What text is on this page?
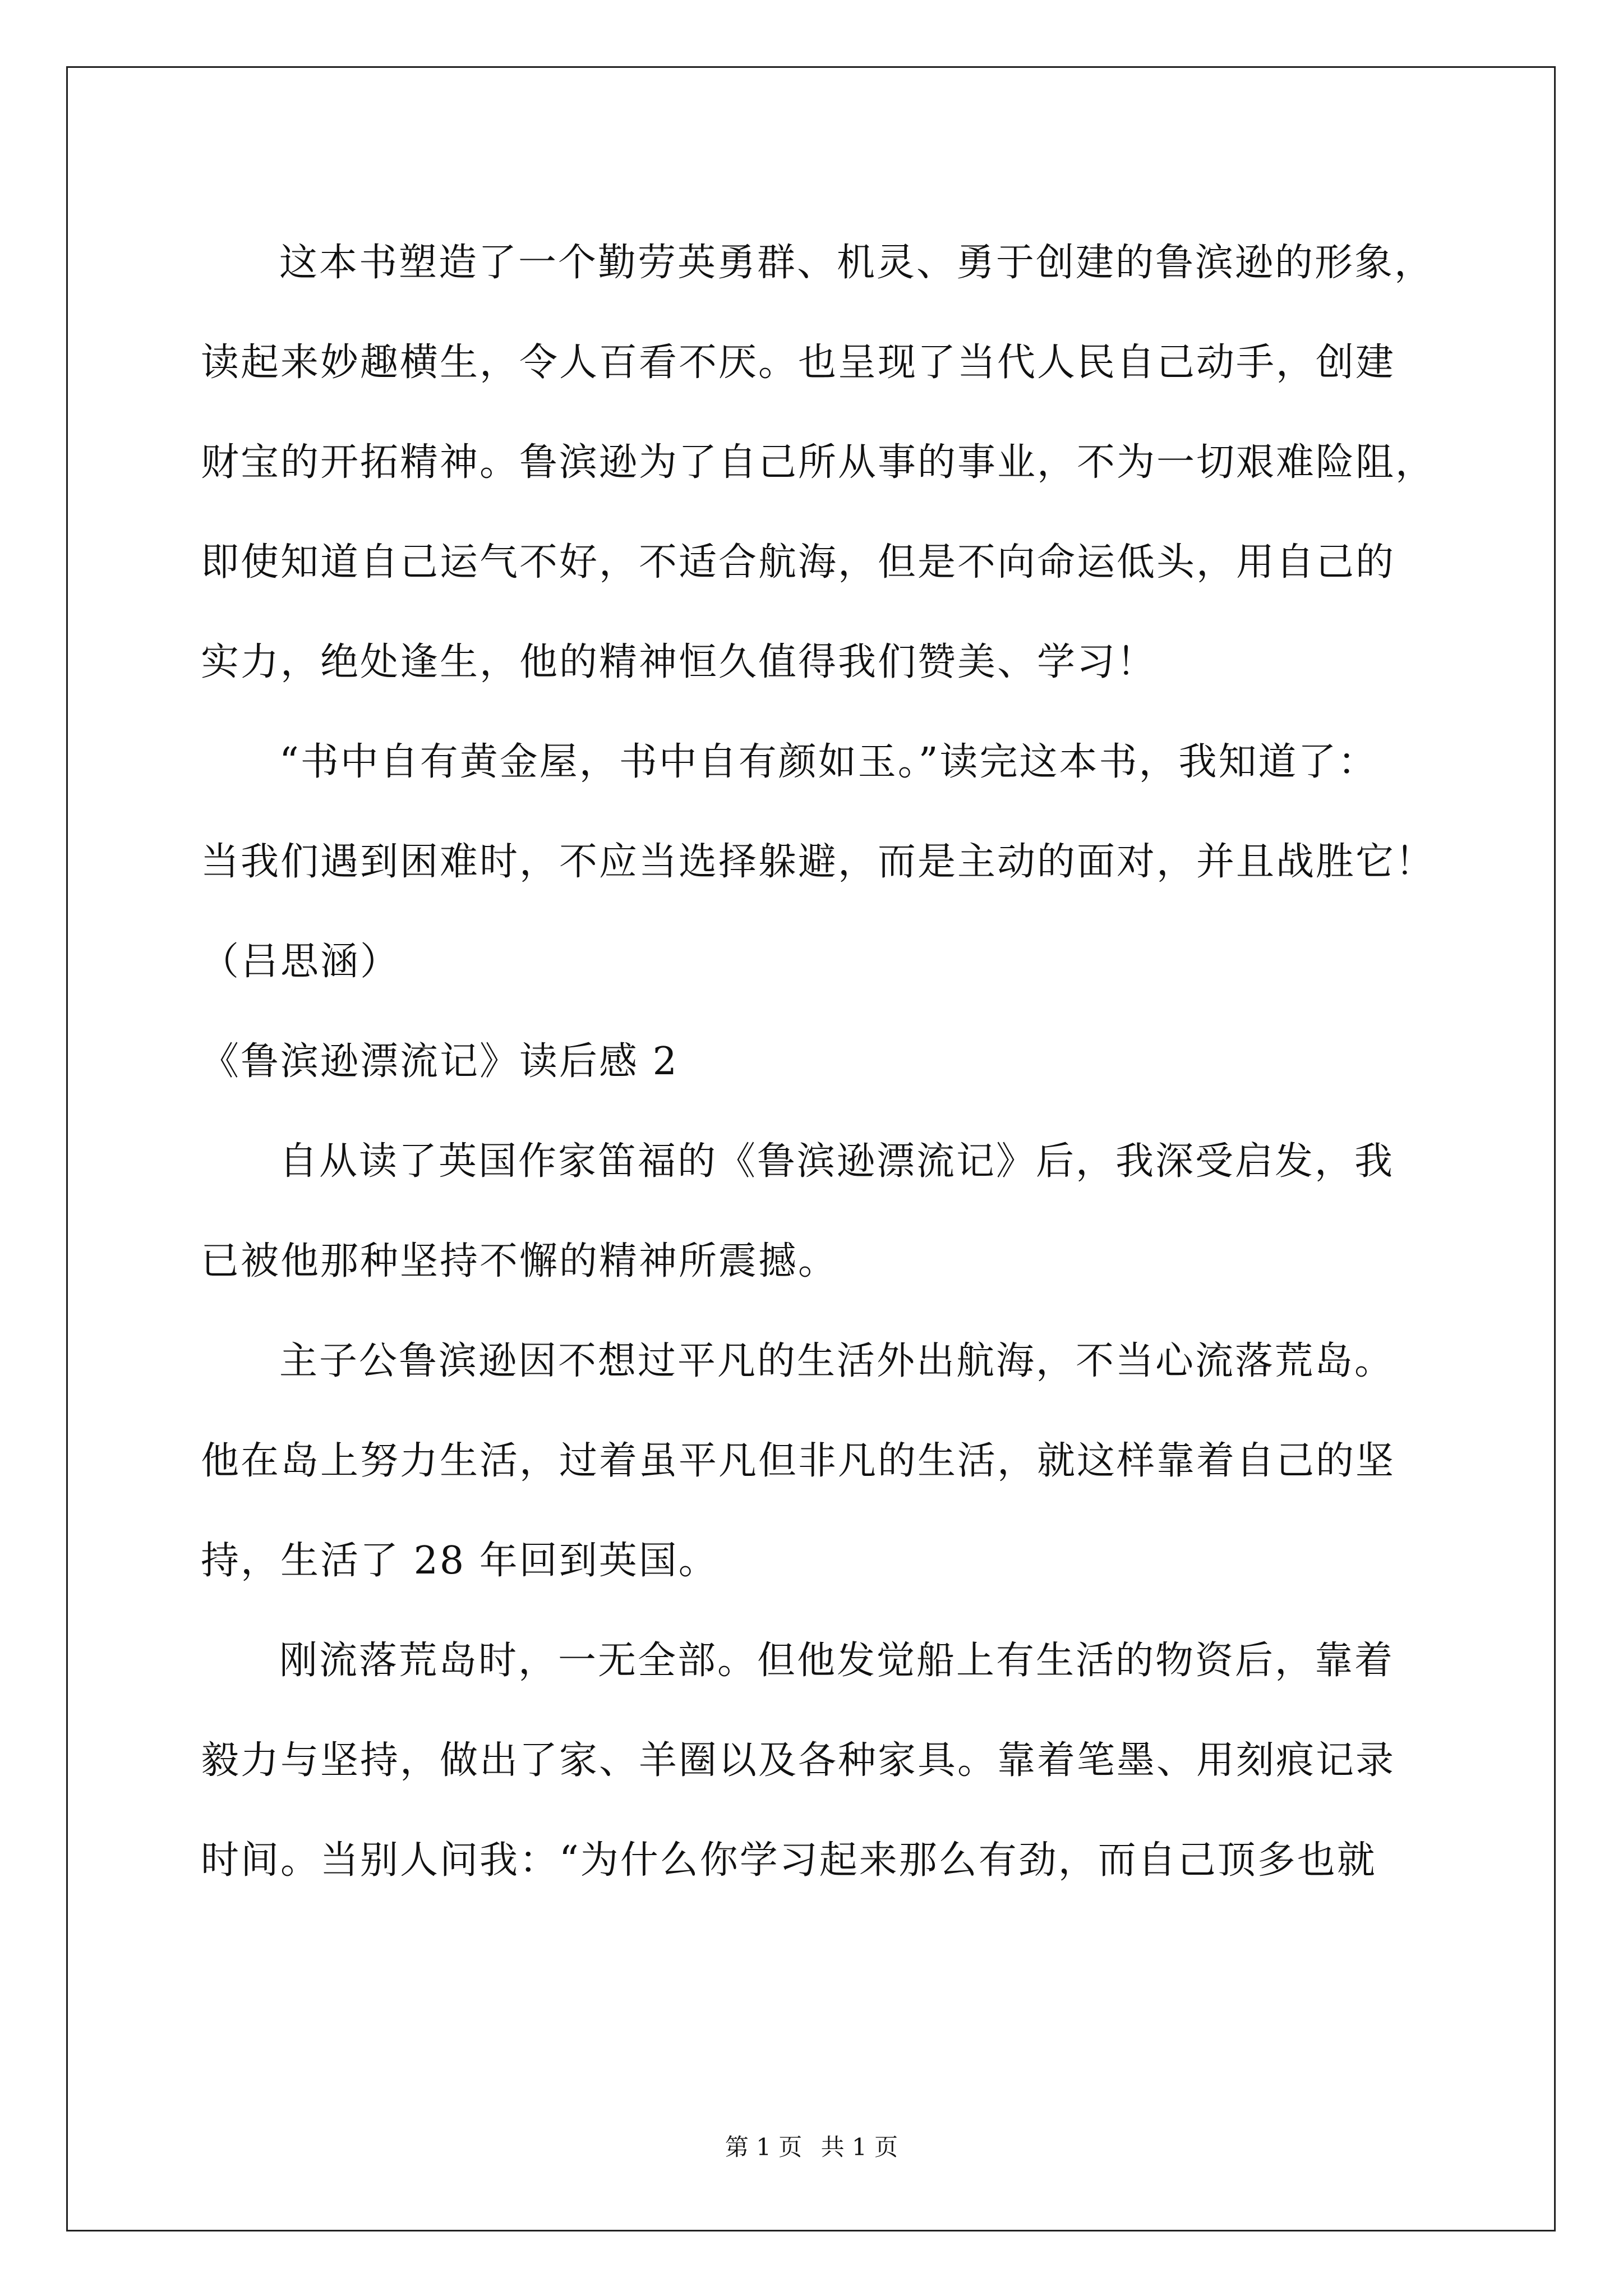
这本书塑造了一个勤劳英勇群、机灵、勇于创建的鲁滨逊的形象，
读起来妙趣横生，令人百看不厌。也呈现了当代人民自己动手，创建
财宝的开拓精神。鲁滨逊为了自己所从事的事业，不为一切艰难险阻，
即使知道自己运气不好，不适合航海，但是不向命运低头，用自己的
实力，绝处逢生，他的精神恒久值得我们赞美、学习！
“书中自有黄金屋，书中自有颜如玉。”读完这本书，我知道了：
当我们遇到困难时，不应当选择躲避，而是主动的面对，并且战胜它！
（吕思涵）
《鲁滨逊漂流记》读后感 2
自从读了英国作家笛福的《鲁滨逊漂流记》后，我深受启发，我
已被他那种坚持不懈的精神所震撼。
主子公鲁滨逊因不想过平凡的生活外出航海，不当心流落荒岛。
他在岛上努力生活，过着虽平凡但非凡的生活，就这样靠着自己的坚
持，生活了 28 年回到英国。
刚流落荒岛时，一无全部。但他发觉船上有生活的物资后，靠着
毅力与坚持，做出了家、羊圈以及各种家具。靠着笔墨、用刻痕记录
时间。当别人问我：“为什么你学习起来那么有劲，而自己顶多也就
第 1 页 共 1 页
